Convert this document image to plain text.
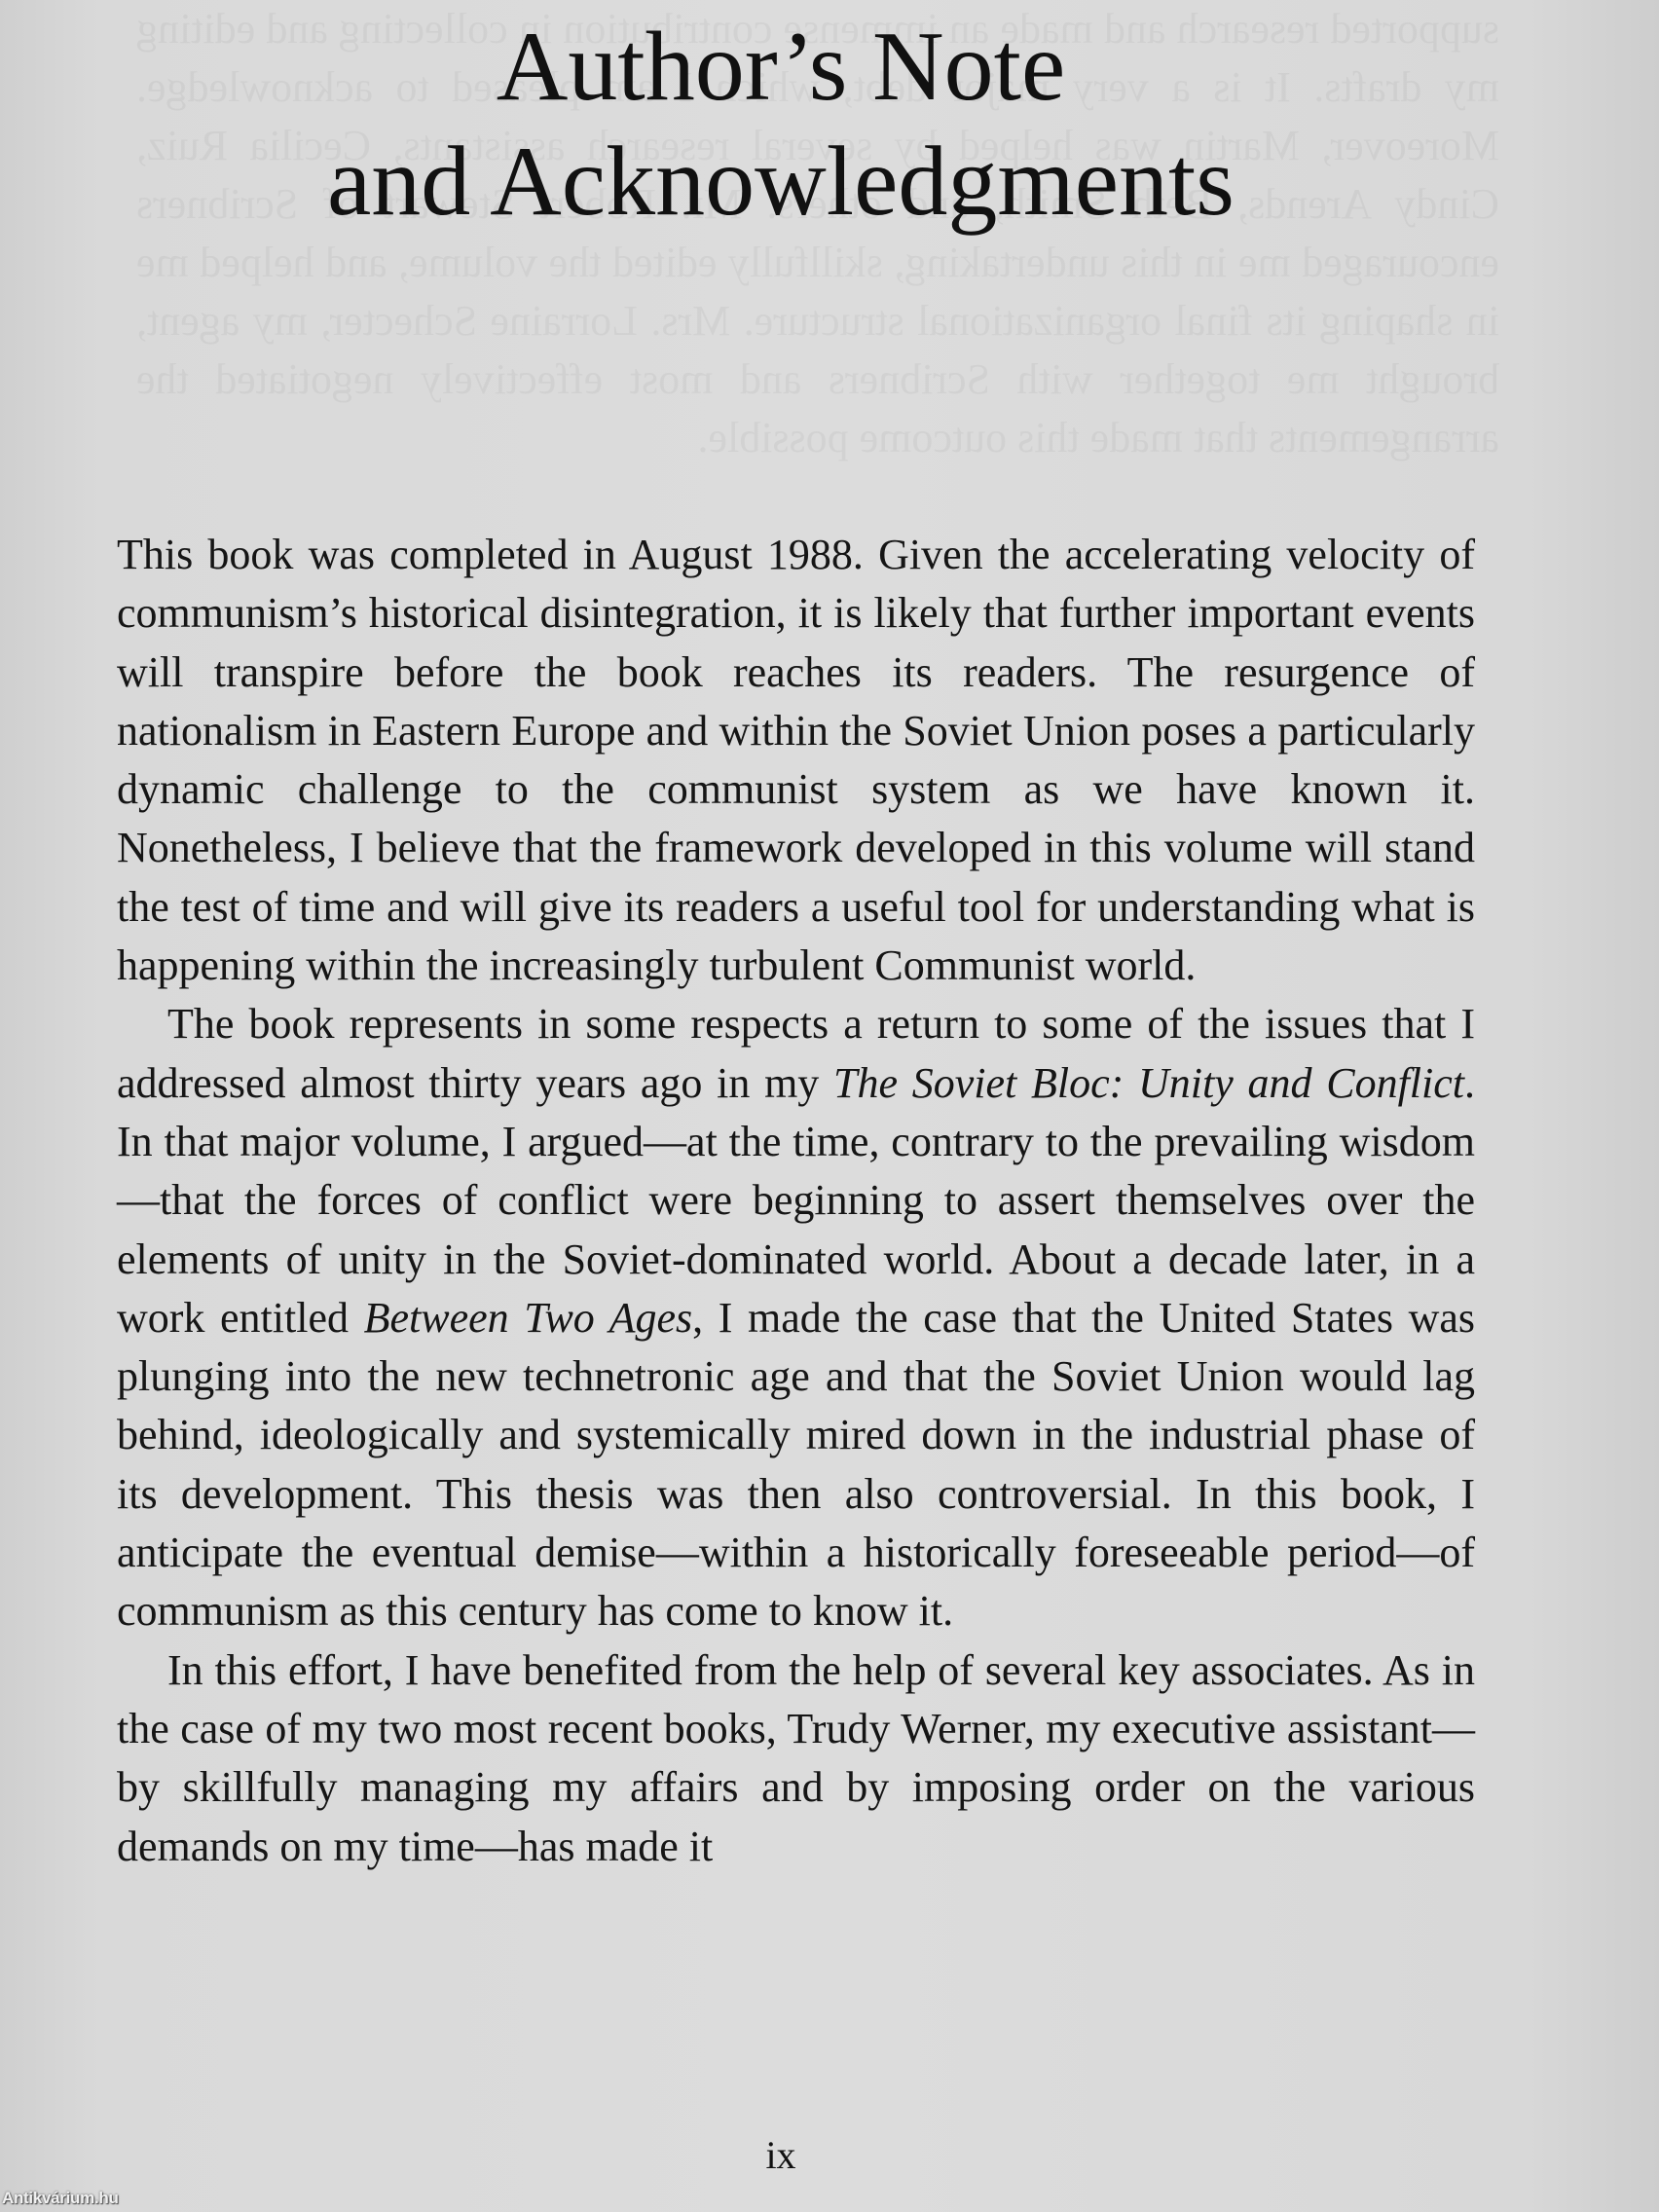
Author’s Note
and Acknowledgments

This book was completed in August 1988. Given the accelerating velocity of communism’s historical disintegration, it is likely that further important events will transpire before the book reaches its readers. The resurgence of nationalism in Eastern Europe and within the Soviet Union poses a particularly dynamic challenge to the communist system as we have known it. Nonetheless, I believe that the framework developed in this volume will stand the test of time and will give its readers a useful tool for understanding what is happening within the increasingly turbulent Communist world.

The book represents in some respects a return to some of the issues that I addressed almost thirty years ago in my The Soviet Bloc: Unity and Conflict. In that major volume, I argued—at the time, contrary to the prevailing wisdom—that the forces of conflict were beginning to assert themselves over the elements of unity in the Soviet-dominated world. About a decade later, in a work entitled Between Two Ages, I made the case that the United States was plunging into the new technetronic age and that the Soviet Union would lag behind, ideologically and systemically mired down in the industrial phase of its development. This thesis was then also controversial. In this book, I anticipate the eventual demise—within a historically foreseeable period—of communism as this century has come to know it.

In this effort, I have benefited from the help of several key associates. As in the case of my two most recent books, Trudy Werner, my executive assistant—by skillfully managing my affairs and by imposing order on the various demands on my time—has made it

ix
Antikvárium.hu
